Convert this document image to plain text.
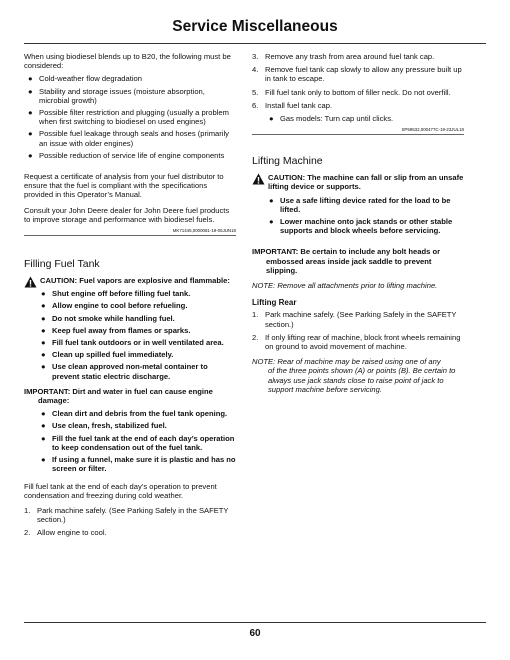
Service Miscellaneous

When using biodiesel blends up to B20, the following must be considered:

● Cold-weather flow degradation
● Stability and storage issues (moisture absorption, microbial growth)
● Possible filter restriction and plugging (usually a problem when first switching to biodiesel on used engines)
● Possible fuel leakage through seals and hoses (primarily an issue with older engines)
● Possible reduction of service life of engine components

Request a certificate of analysis from your fuel distributor to ensure that the fuel is compliant with the specifications provided in this Operator’s Manual.

Consult your John Deere dealer for John Deere fuel products to improve storage and performance with biodiesel fuels.

MK71445,0000081-19-05JUN18
Filling Fuel Tank
CAUTION: Fuel vapors are explosive and flammable:
● Shut engine off before filling fuel tank.
● Allow engine to cool before refueling.
● Do not smoke while handling fuel.
● Keep fuel away from flames or sparks.
● Fill fuel tank outdoors or in well ventilated area.
● Clean up spilled fuel immediately.
● Use clean approved non-metal container to prevent static electric discharge.
IMPORTANT: Dirt and water in fuel can cause engine
damage:
● Clean dirt and debris from the fuel tank opening.
● Use clean, fresh, stabilized fuel.
● Fill the fuel tank at the end of each day’s operation to keep condensation out of the fuel tank.
● If using a funnel, make sure it is plastic and has no screen or filter.

Fill fuel tank at the end of each day’s operation to prevent condensation and freezing during cold weather.

1. Park machine safely. (See Parking Safely in the SAFETY section.)
2. Allow engine to cool.
3. Remove any trash from area around fuel tank cap.
4. Remove fuel tank cap slowly to allow any pressure built up in tank to escape.
5. Fill fuel tank only to bottom of filler neck. Do not overfill.
6. Install fuel tank cap.
● Gas models: Turn cap until clicks.
SP59532,000477C-19-23JUL18
Lifting Machine
CAUTION: The machine can fall or slip from an unsafe lifting device or supports.
● Use a safe lifting device rated for the load to be lifted.
● Lower machine onto jack stands or other stable supports and block wheels before servicing.
IMPORTANT: Be certain to include any bolt heads or
embossed areas inside jack saddle to prevent slipping.

NOTE: Remove all attachments prior to lifting machine.

Lifting Rear
1. Park machine safely. (See Parking Safely in the SAFETY section.)
2. If only lifting rear of machine, block front wheels remaining on ground to avoid movement of machine.
NOTE: Rear of machine may be raised using one of any
of the three points shown (A) or points (B). Be certain to always use jack stands close to raise point of jack to support machine before servicing.
60
